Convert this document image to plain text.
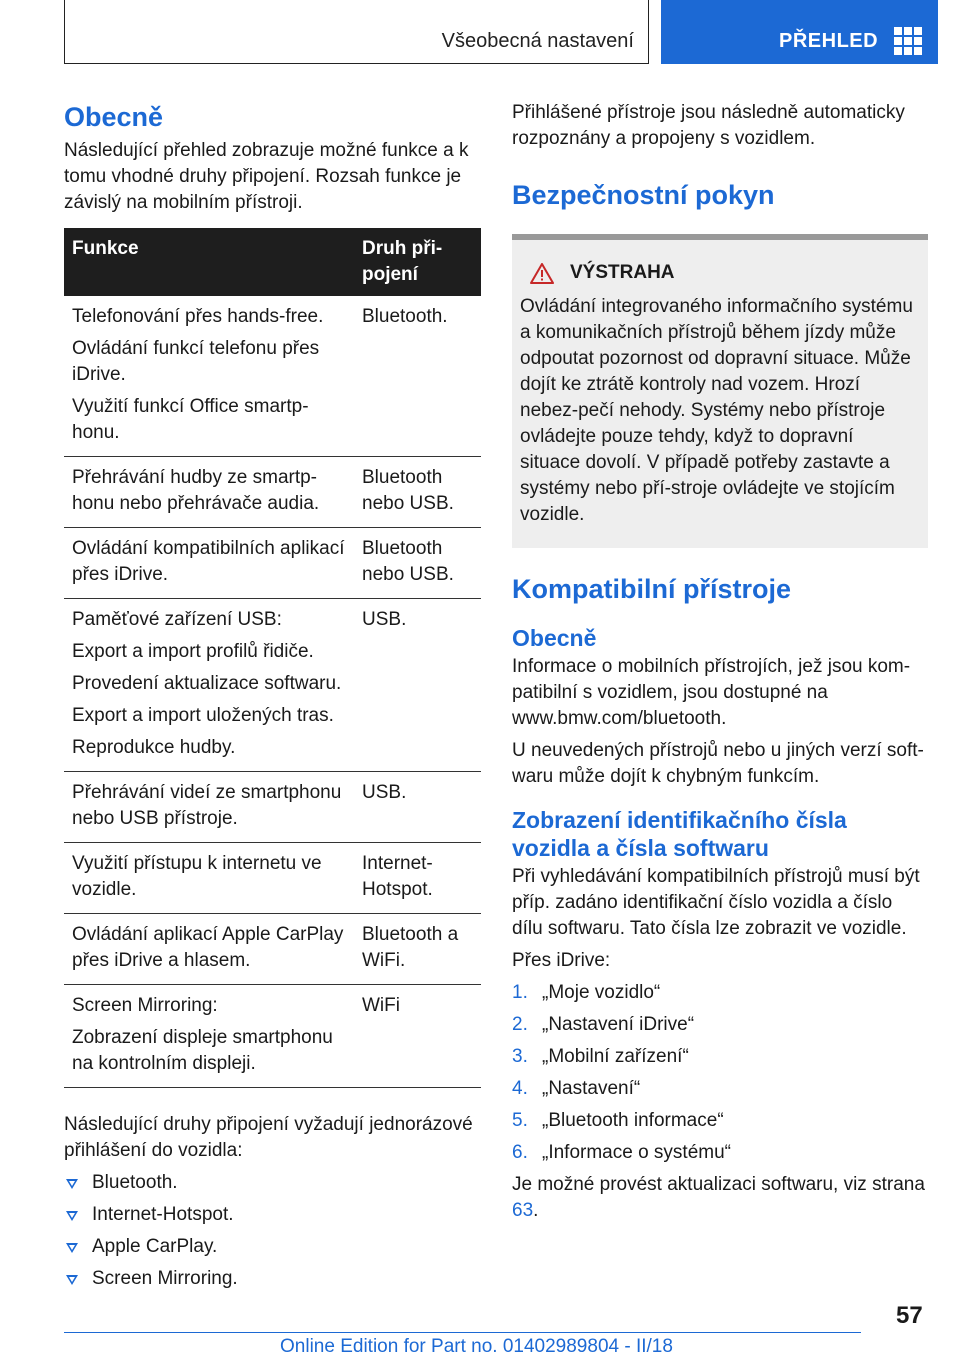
Všeobecná nastavení	PŘEHLED
Obecně

Následující přehled zobrazuje možné funkce a k tomu vhodné druhy připojení. Rozsah funkce je závislý na mobilním přístroji.

Funkce	Druh při-
pojení

Telefonování přes hands-free.
Ovládání funkcí telefonu přes iDrive.
Využití funkcí Office smartp-honu.	Bluetooth.

Přehrávání hudby ze smartp-honu nebo přehrávače audia.	Bluetooth nebo USB.

Ovládání kompatibilních aplikací přes iDrive.	Bluetooth nebo USB.

Paměťové zařízení USB:
Export a import profilů řidiče.
Provedení aktualizace softwaru.
Export a import uložených tras.
Reprodukce hudby.	USB.

Přehrávání videí ze smartphonu nebo USB přístroje.	USB.

Využití přístupu k internetu ve vozidle.	Internet-Hotspot.

Ovládání aplikací Apple CarPlay přes iDrive a hlasem.	Bluetooth a WiFi.

Screen Mirroring:
Zobrazení displeje smartphonu na kontrolním displeji.	WiFi

Následující druhy připojení vyžadují jednorázové přihlášení do vozidla:

Bluetooth.
Internet-Hotspot.
Apple CarPlay.
Screen Mirroring.

Přihlášené přístroje jsou následně automaticky rozpoznány a propojeny s vozidlem.

Bezpečnostní pokyn
VÝSTRAHA

Ovládání integrovaného informačního systému a komunikačních přístrojů během jízdy může odpoutat pozornost od dopravní situace. Může dojít ke ztrátě kontroly nad vozem. Hrozí nebez-pečí nehody. Systémy nebo přístroje ovládejte pouze tehdy, když to dopravní situace dovolí. V případě potřeby zastavte a systémy nebo pří-stroje ovládejte ve stojícím vozidle.

Kompatibilní přístroje
Obecně

Informace o mobilních přístrojích, jež jsou kom-patibilní s vozidlem, jsou dostupné na www.bmw.com/bluetooth.

U neuvedených přístrojů nebo u jiných verzí soft-waru může dojít k chybným funkcím.

Zobrazení identifikačního čísla vozidla a čísla softwaru

Při vyhledávání kompatibilních přístrojů musí být příp. zadáno identifikační číslo vozidla a číslo dílu softwaru. Tato čísla lze zobrazit ve vozidle.

Přes iDrive:

1. „Moje vozidlo“
2. „Nastavení iDrive“
3. „Mobilní zařízení“
4. „Nastavení“
5. „Bluetooth informace“
6. „Informace o systému“

Je možné provést aktualizaci softwaru, viz strana 63.

57
Online Edition for Part no. 01402989804 - II/18
